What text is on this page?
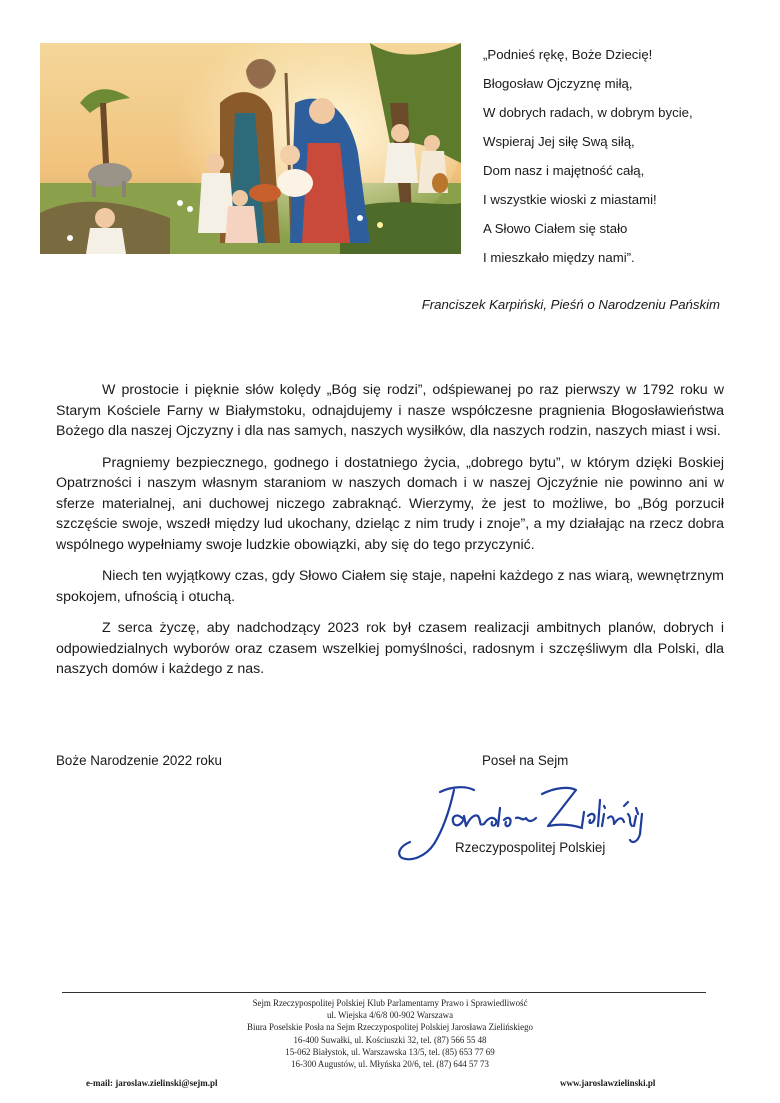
„Podnieś rękę, Boże Dziecię!
Błogosław Ojczyznę miłą,
W dobrych radach, w dobrym bycie,
Wspieraj Jej siłę Swą siłą,
Dom nasz i majętność całą,
I wszystkie wioski z miastami!
A Słowo Ciałem się stało
I mieszkało między nami”.
Franciszek Karpiński, Pieśń o Narodzeniu Pańskim

W prostocie i pięknie słów kolędy „Bóg się rodzi”, odśpiewanej po raz pierwszy w 1792 roku w Starym Kościele Farny w Białymstoku, odnajdujemy i nasze współczesne pragnienia Błogosławieństwa Bożego dla naszej Ojczyzny i dla nas samych, naszych wysiłków, dla naszych rodzin, naszych miast i wsi.

Pragniemy bezpiecznego, godnego i dostatniego życia, „dobrego bytu”, w którym dzięki Boskiej Opatrzności i naszym własnym staraniom w naszych domach i w naszej Ojczyźnie nie powinno ani w sferze materialnej, ani duchowej niczego zabraknąć. Wierzymy, że jest to możliwe, bo „Bóg porzucił szczęście swoje, wszedł między lud ukochany, dzieląc z nim trudy i znoje”, a my działając na rzecz dobra wspólnego wypełniamy swoje ludzkie obowiązki, aby się do tego przyczynić.

Niech ten wyjątkowy czas, gdy Słowo Ciałem się staje, napełni każdego z nas wiarą, wewnętrznym spokojem, ufnością i otuchą.

Z serca życzę, aby nadchodzący 2023 rok był czasem realizacji ambitnych planów, dobrych i odpowiedzialnych wyborów oraz czasem wszelkiej pomyślności, radosnym i szczęśliwym dla Polski, dla naszych domów i każdego z nas.

Boże Narodzenie 2022 roku	Poseł na Sejm
Rzeczypospolitej Polskiej
Sejm Rzeczypospolitej Polskiej Klub Parlamentarny Prawo i Sprawiedliwość
ul. Wiejska 4/6/8 00-902 Warszawa
Biura Poselskie Posła na Sejm Rzeczypospolitej Polskiej Jarosława Zielińskiego
16-400 Suwałki, ul. Kościuszki 32, tel. (87) 566 55 48
15-062 Białystok, ul. Warszawska 13/5, tel. (85) 653 77 69
16-300 Augustów, ul. Młyńska 20/6, tel. (87) 644 57 73
e-mail: jaroslaw.zielinski@sejm.pl	www.jaroslawzielinski.pl
